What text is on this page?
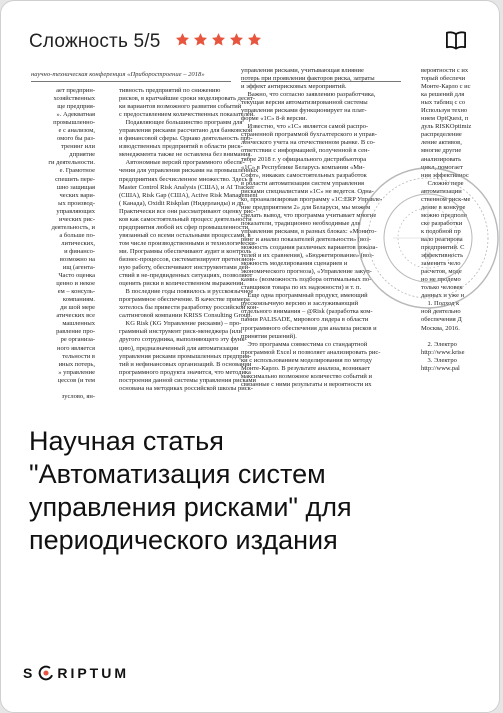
Сложность 5/5
научно-техническая конференция «Приборостроение – 2018»
ает предприн-
хозяйственных
ще предприя-
». Адекватная
промышленно-
е с анализом,
омого бы раз-
тренинг или
дприятие
ги деятельности.
е. Грамотное
спешить пере-
шно защищая
ческих вари-
ых производ-
управляющих
ических рис-
деятельность, и
а больше по-
литических,
и финансо-
возможно на
ищ (агента-
Часто оценка
ценно и некое
ем – консуль-
компаниям.
ди шой мере
атических все
машленных
равление про-
ре организа-
ного является
тельности в
иных потерь,
» управление
цессов (и тем

зуслово, ян-
тивность предприятий по снижению
рисков, в кратчайшие сроки моделировать десят-
ки вариантов возможного развития событий
с предоставлением количественных показателей.
Подавляющее большинство программ для
управления рисками рассчитано для банковской
и финансовой сферы. Однако деятельность про-
изводственных предприятий в области риск-
менеджмента также не оставлена без внимания.
Автономные версий программного обеспе-
чения для управления рисками на промышленных
предприятиях бесчисленное множество. Здесь и
Master Control Risk Analysis (США), и AI Tracker
(США), Risk Gap (США), Active Risk Management
( Канада), Oxidit Riskplan (Нидерланды) и др.
Практически все они рассматривают оценку рис-
ков как самостоятельный процесс деятельности
предприятия любой их сфер промышленности,
увязанный со всеми остальными процессами, в
том числе производственными и технологически-
ми. Программы обеспечивают аудит и контроль
бизнес-процессов, систематизируют претензион-
ную работу, обеспечивают инструментами дей-
ствий в не-предвиденных ситуациях, позволяют
оценить риски в количественном выражении.
В последние годы появилось и русскоязычное
программное обеспечение. В качестве примера
хотелось бы привести разработку российской кон-
салтинговой компании KRISS Consulting Group.
KG Risk (KG Управление рисками) – про-
граммный инструмент риск-менеджера (или
другого сотрудника, выполняющего эту функ-
цию), предназначенный для автоматизации
управления рисками промышленных предприя-
тий и нефинансовых организаций. В основании
программного продукта значится, что методика
построения данной системы управления рисками
основана на методиках российской школы риск-
управления рисками, учитывающая влияние
потерь при проявлении факторов риска, затраты
и эффект антирисковых мероприятий.
Важно, что согласно заявлению разработчика,
текущая версия автоматизированной системы
управления рисками функционирует на плат-
форме «1С» 8-й версии.
Известно, что «1С» является самой распро-
страненной программой бухгалтерского и управ-
ленческого учета на отечественном рынке. В со-
ответствии с информацией, полученной в сен-
тябре 2018 г. у официального дистрибьютора
«1С» в Республике Беларусь компании «Ми-
Софт», никаких самостоятельных разработок
в области автоматизации систем управления
рисками специалистами «1С» не ведется. Одна-
ко, проанализировав программу «1С:ERP Управле-
ние предприятием 2» для Беларуси, мы можем
сделать вывод, что программа учитывает многие
показатели, традиционно необходимые для
управления рисками, в разных блоках: «Монито-
ринг и анализ показателей деятельности» (воз-
можность создания различных вариантов показа-
телей и их сравнения), «Бюджетирование» (воз-
можность моделирования сценариев и
экономического прогноза), «Управление закуп-
ками» (возможность подбора оптимальных по-
ставщиков товара по их надежности) и т. п.
Еще одна программный продукт, имеющий
русскоязычную версию и заслуживающий
отдельного внимания – @Risk (разработка ком-
пании PALISADE, мирового лидера в области
программного обеспечения для анализа рисков и
принятия решений).
Это программа совместима со стандартной
программой Excel и позволяет анализировать рис-
ки с использованием моделирования по методу
Монте-Карло. В результате анализа, возникает
максимально возможное количество событий и
связанные с ними результаты и вероятности их
вероятности с их
торый обеспечи
Монте-Карло с ис
ка решений для
ных таблиц с со
Используя техно
нием OptQuest, п
дуль RISKOptimiz
распределение
ление активов,
многие другие
анализировать
цикл, помогает
ния эффективнос
Сложно пере
автоматизации
ственном риск-ме
дение в конкуре
можно предполо
ске разработки
к подобной пр
вало реагирова
предприятий. С
эффективность
заменить чело
расчетов, моде
но не продемо
только человек
данных и уже н
1. Подход к
ной деятельно
обеспечения Д
Москва, 2016.

2. Электро
http://www.krise
3. Электро
http://www.pal
Научная статья
"Автоматизация систем
управления рисками" для
периодического издания
S RIPTUM
